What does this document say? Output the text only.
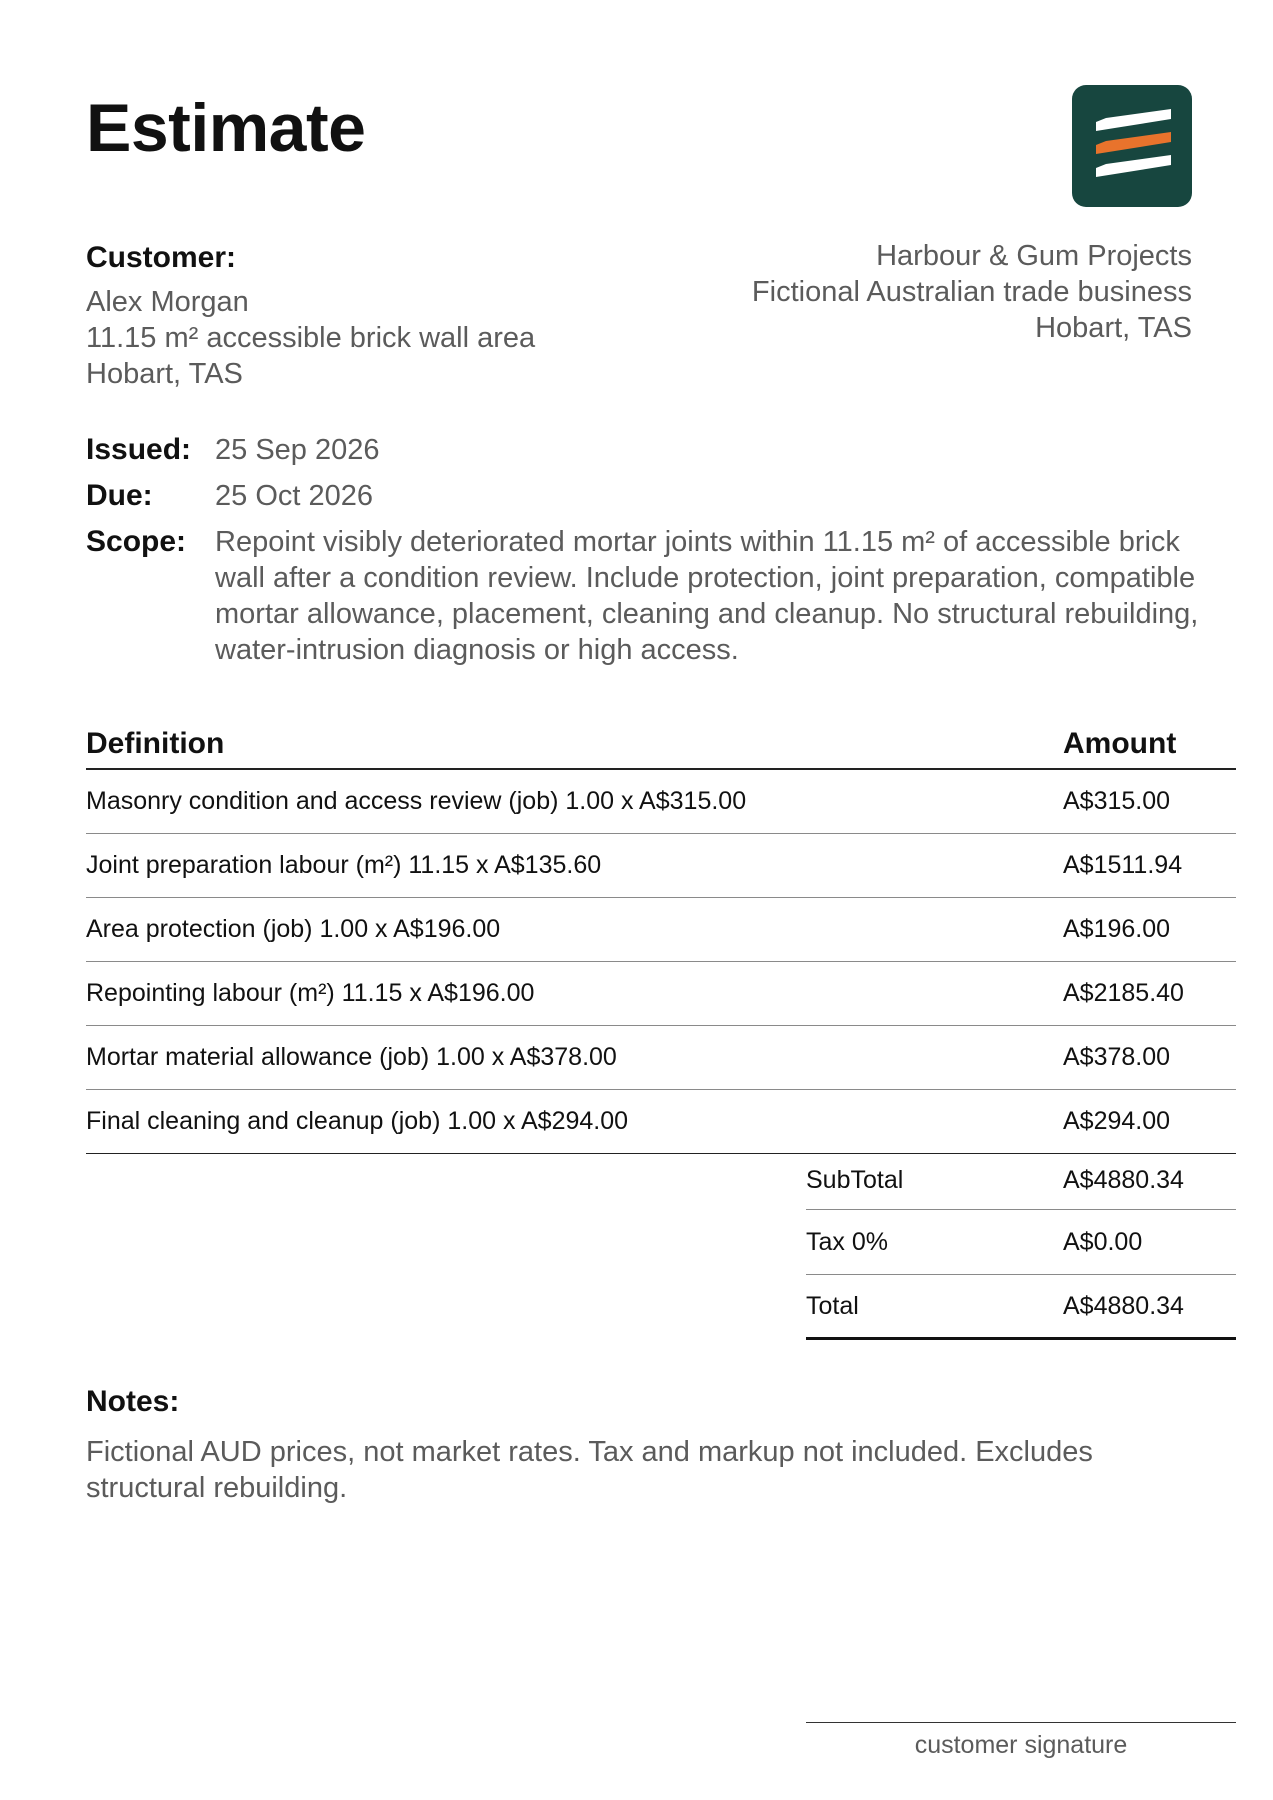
Estimate
Customer:
Alex Morgan
11.15 m² accessible brick wall area
Hobart, TAS
Harbour & Gum Projects
Fictional Australian trade business
Hobart, TAS
Issued: 25 Sep 2026
Due:	25 Oct 2026
Scope: Repoint visibly deteriorated mortar joints within 11.15 m² of accessible brick wall after a condition review. Include protection, joint preparation, compatible mortar allowance, placement, cleaning and cleanup. No structural rebuilding, water-intrusion diagnosis or high access.
Definition	Amount
Masonry condition and access review (job) 1.00 x A$315.00	A$315.00
Joint preparation labour (m²) 11.15 x A$135.60	A$1511.94
Area protection (job) 1.00 x A$196.00	A$196.00
Repointing labour (m²) 11.15 x A$196.00	A$2185.40
Mortar material allowance (job) 1.00 x A$378.00	A$378.00
Final cleaning and cleanup (job) 1.00 x A$294.00	A$294.00
SubTotal	A$4880.34
Tax 0%	A$0.00
Total	A$4880.34
Notes:
Fictional AUD prices, not market rates. Tax and markup not included. Excludes structural rebuilding.
customer signature
